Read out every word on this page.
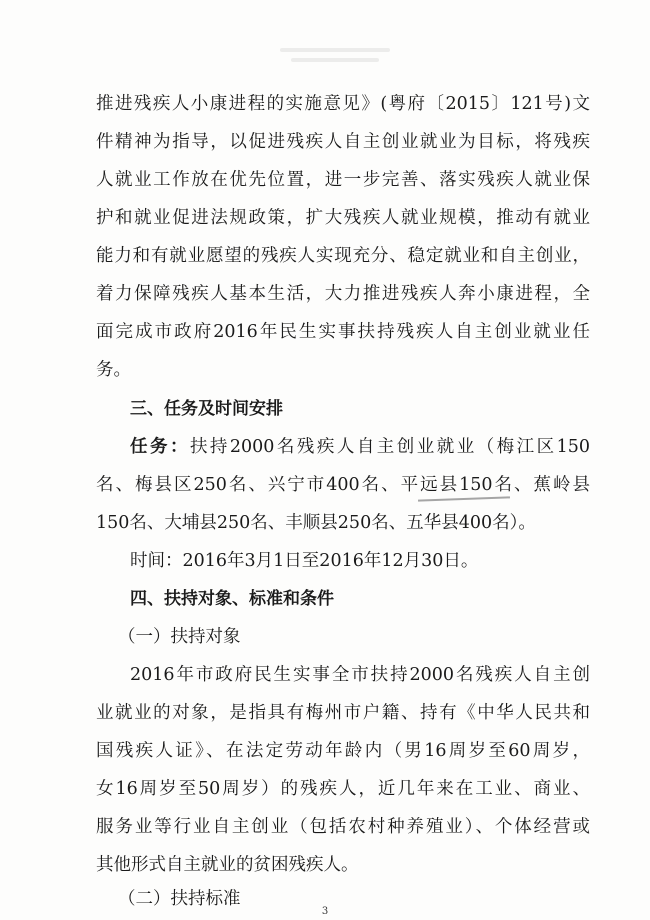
推进残疾人小康进程的实施意见》(粤府〔2015〕121号)文
件精神为指导，以促进残疾人自主创业就业为目标，将残疾
人就业工作放在优先位置，进一步完善、落实残疾人就业保
护和就业促进法规政策，扩大残疾人就业规模，推动有就业
能力和有就业愿望的残疾人实现充分、稳定就业和自主创业，
着力保障残疾人基本生活，大力推进残疾人奔小康进程，全
面完成市政府2016年民生实事扶持残疾人自主创业就业任
务。
三、任务及时间安排
任务：扶持2000名残疾人自主创业就业（梅江区150
名、梅县区250名、兴宁市400名、平远县150名、蕉岭县
150名、大埔县250名、丰顺县250名、五华县400名）。
时间：2016年3月1日至2016年12月30日。
四、扶持对象、标准和条件
（一）扶持对象
2016年市政府民生实事全市扶持2000名残疾人自主创
业就业的对象，是指具有梅州市户籍、持有《中华人民共和
国残疾人证》、在法定劳动年龄内（男16周岁至60周岁，
女16周岁至50周岁）的残疾人，近几年来在工业、商业、
服务业等行业自主创业（包括农村种养殖业）、个体经营或
其他形式自主就业的贫困残疾人。
（二）扶持标准
3
